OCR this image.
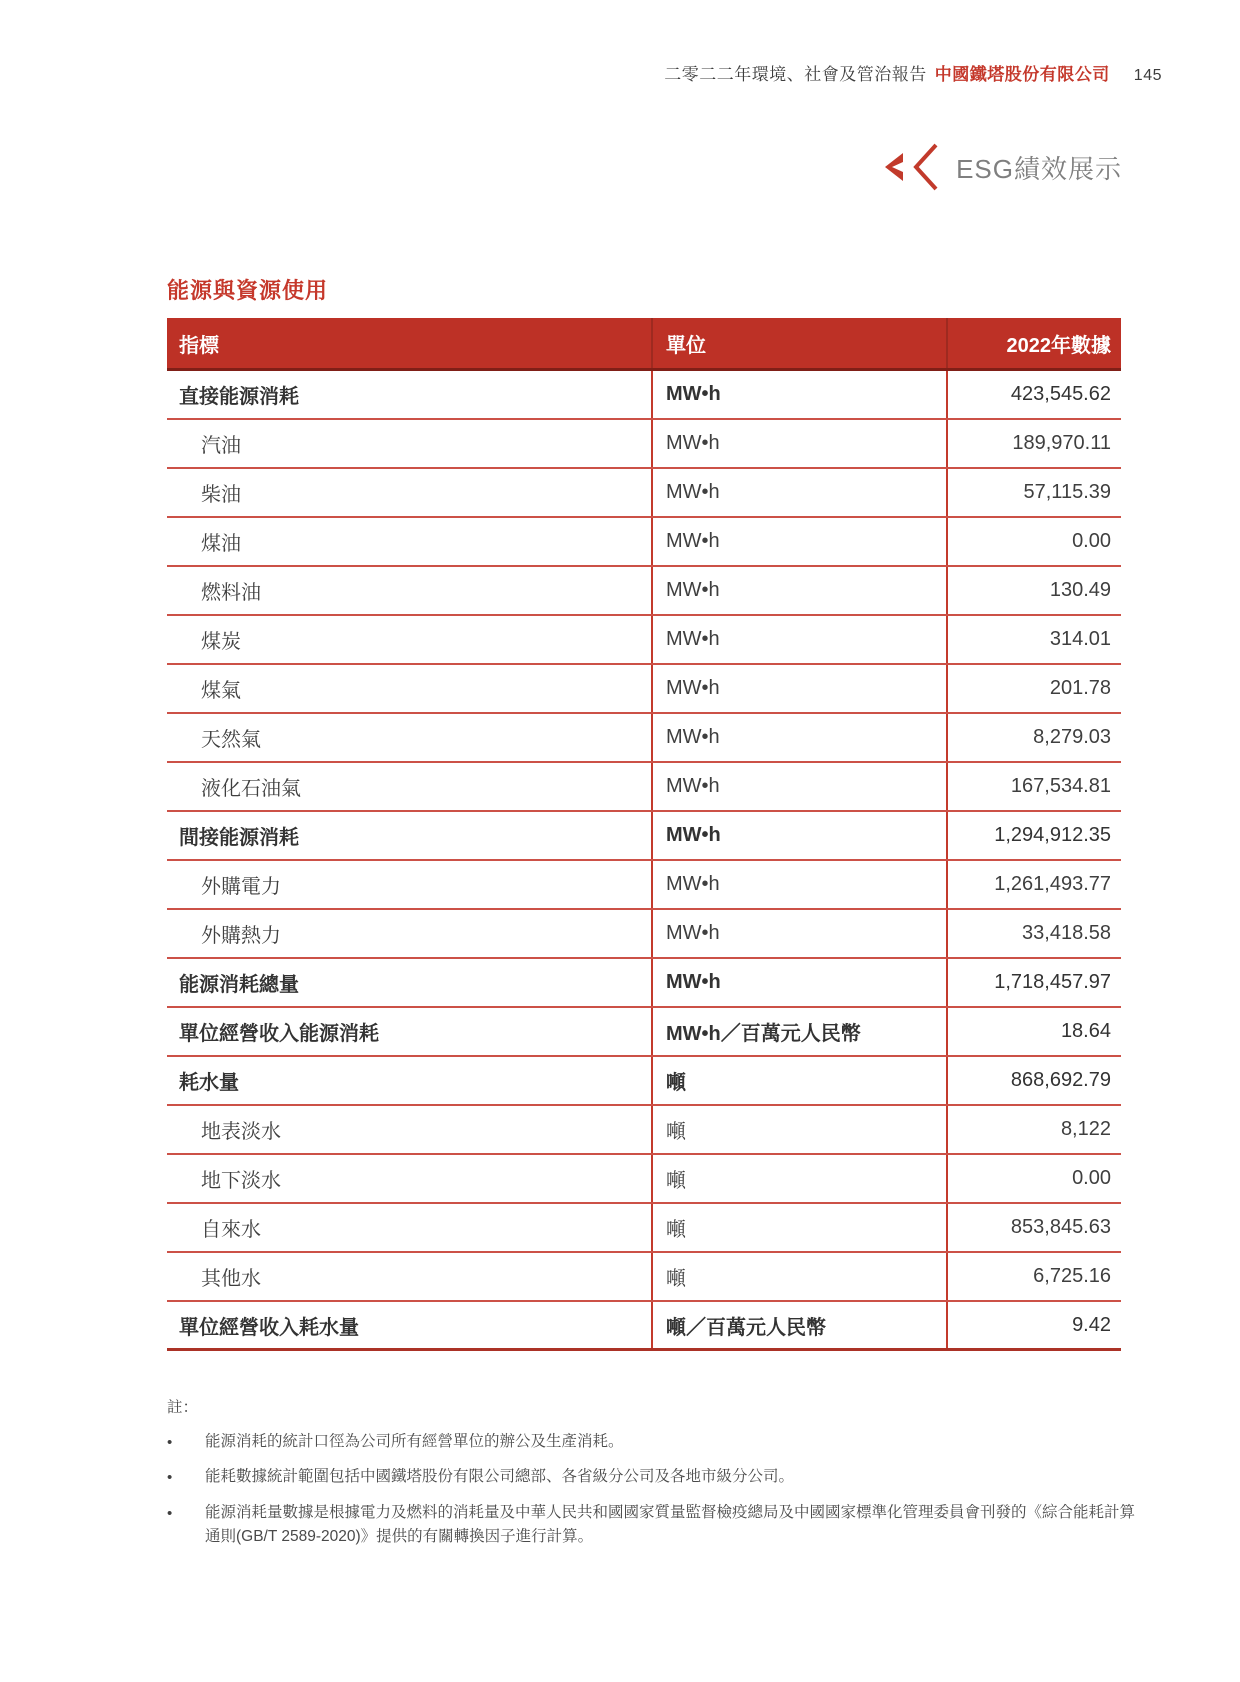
二零二二年環境、社會及管治報告 中國鐵塔股份有限公司 145
ESG績效展示
能源與資源使用
指標	單位	2022年數據
直接能源消耗	MW•h	423,545.62
汽油	MW•h	189,970.11
柴油	MW•h	57,115.39
煤油	MW•h	0.00
燃料油	MW•h	130.49
煤炭	MW•h	314.01
煤氣	MW•h	201.78
天然氣	MW•h	8,279.03
液化石油氣	MW•h	167,534.81
間接能源消耗	MW•h	1,294,912.35
外購電力	MW•h	1,261,493.77
外購熱力	MW•h	33,418.58
能源消耗總量	MW•h	1,718,457.97
單位經營收入能源消耗	MW•h／百萬元人民幣	18.64
耗水量	噸	868,692.79
地表淡水	噸	8,122
地下淡水	噸	0.00
自來水	噸	853,845.63
其他水	噸	6,725.16
單位經營收入耗水量	噸／百萬元人民幣	9.42
註：
•	能源消耗的統計口徑為公司所有經營單位的辦公及生產消耗。
•	能耗數據統計範圍包括中國鐵塔股份有限公司總部、各省級分公司及各地市級分公司。
•	能源消耗量數據是根據電力及燃料的消耗量及中華人民共和國國家質量監督檢疫總局及中國國家標準化管理委員會刊發的《綜合能耗計算通則(GB/T 2589-2020)》提供的有關轉換因子進行計算。
